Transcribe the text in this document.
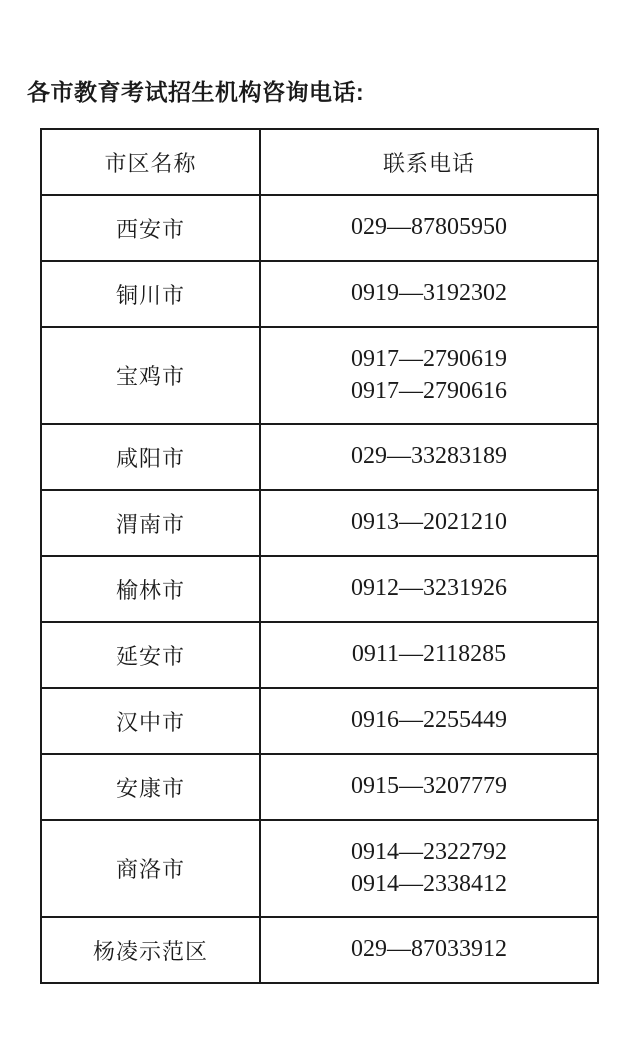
各市教育考试招生机构咨询电话:
市区名称	联系电话
西安市	029—87805950

铜川市	0919—3192302

宝鸡市	0917—2790619
0917—2790616

咸阳市	029—33283189

渭南市	0913—2021210

榆林市	0912—3231926

延安市	0911—2118285

汉中市	0916—2255449

安康市	0915—3207779

商洛市	0914—2322792
0914—2338412

杨凌示范区	029—87033912
